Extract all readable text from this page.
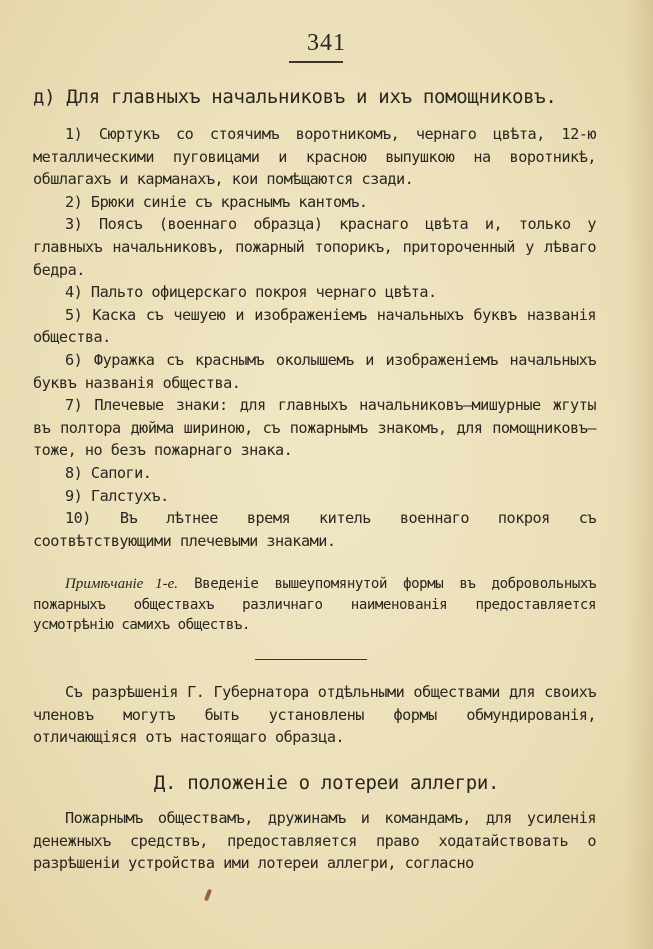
341
д) Для главныхъ начальниковъ и ихъ помощниковъ.

1) Сюртукъ со стоячимъ воротникомъ, чернаго цвѣта, 12-ю металлическими пуговицами и красною выпушкою на воротникѣ, обшлагахъ и карманахъ, кои помѣщаются сзади.

2) Брюки синіе съ краснымъ кантомъ.

3) Поясъ (военнаго образца) краснаго цвѣта и, только у главныхъ начальниковъ, пожарный топорикъ, притороченный у лѣваго бедра.

4) Пальто офицерскаго покроя чернаго цвѣта.

5) Каска съ чешуею и изображеніемъ начальныхъ буквъ названія общества.

6) Фуражка съ краснымъ околышемъ и изображеніемъ начальныхъ буквъ названія общества.

7) Плечевые знаки: для главныхъ начальниковъ—мишурные жгуты въ полтора дюйма шириною, съ пожарнымъ знакомъ, для помощниковъ—тоже, но безъ пожарнаго знака.

8) Сапоги.

9) Галстухъ.

10) Въ лѣтнее время китель военнаго покроя съ соотвѣтствующими плечевыми знаками.

Примѣчаніе 1-е. Введеніе вышеупомянутой формы въ добровольныхъ пожарныхъ обществахъ различнаго наименованія предоставляется усмотрѣнію самихъ обществъ.

Съ разрѣшенія Г. Губернатора отдѣльными обществами для своихъ членовъ могутъ быть установлены формы обмундированія, отличающіяся отъ настоящаго образца.

Д. положеніе о лотереи аллегри.

Пожарнымъ обществамъ, дружинамъ и командамъ, для усиленія денежныхъ средствъ, предоставляется право ходатайствовать о разрѣшеніи устройства ими лотереи аллегри, согласно
